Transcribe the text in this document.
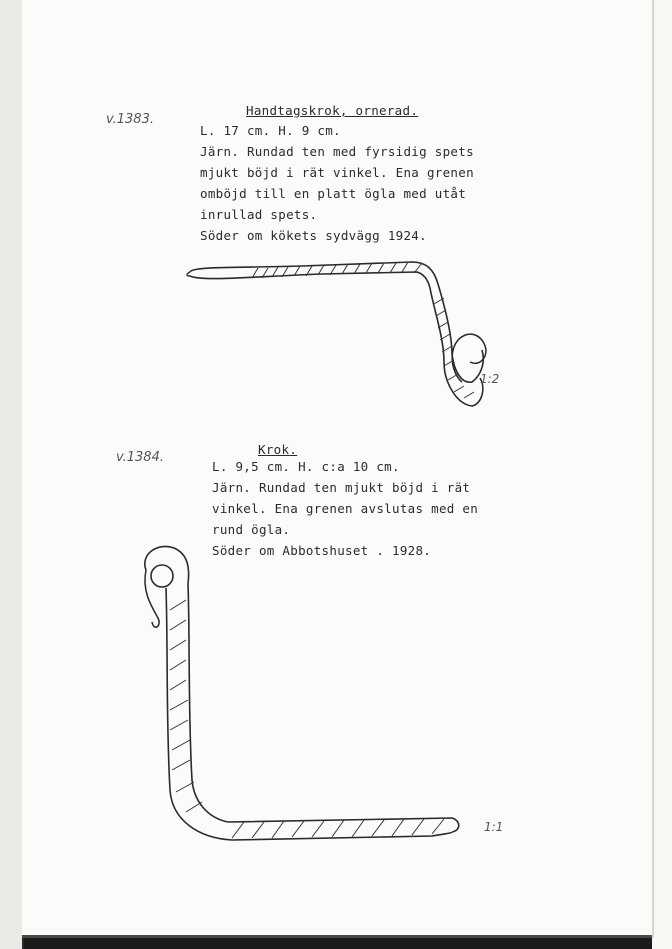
v.1383.
Handtagskrok, ornerad.
L. 17 cm. H. 9 cm.
Järn. Rundad ten med fyrsidig spets
mjukt böjd i rät vinkel. Ena grenen
omböjd till en platt ögla med utåt
inrullad spets.
Söder om kökets sydvägg 1924.
1:2
v.1384.
Krok.
L. 9,5 cm. H. c:a 10 cm.
Järn. Rundad ten mjukt böjd i rät
vinkel. Ena grenen avslutas med en
rund ögla.
Söder om Abbotshuset . 1928.
1:1
